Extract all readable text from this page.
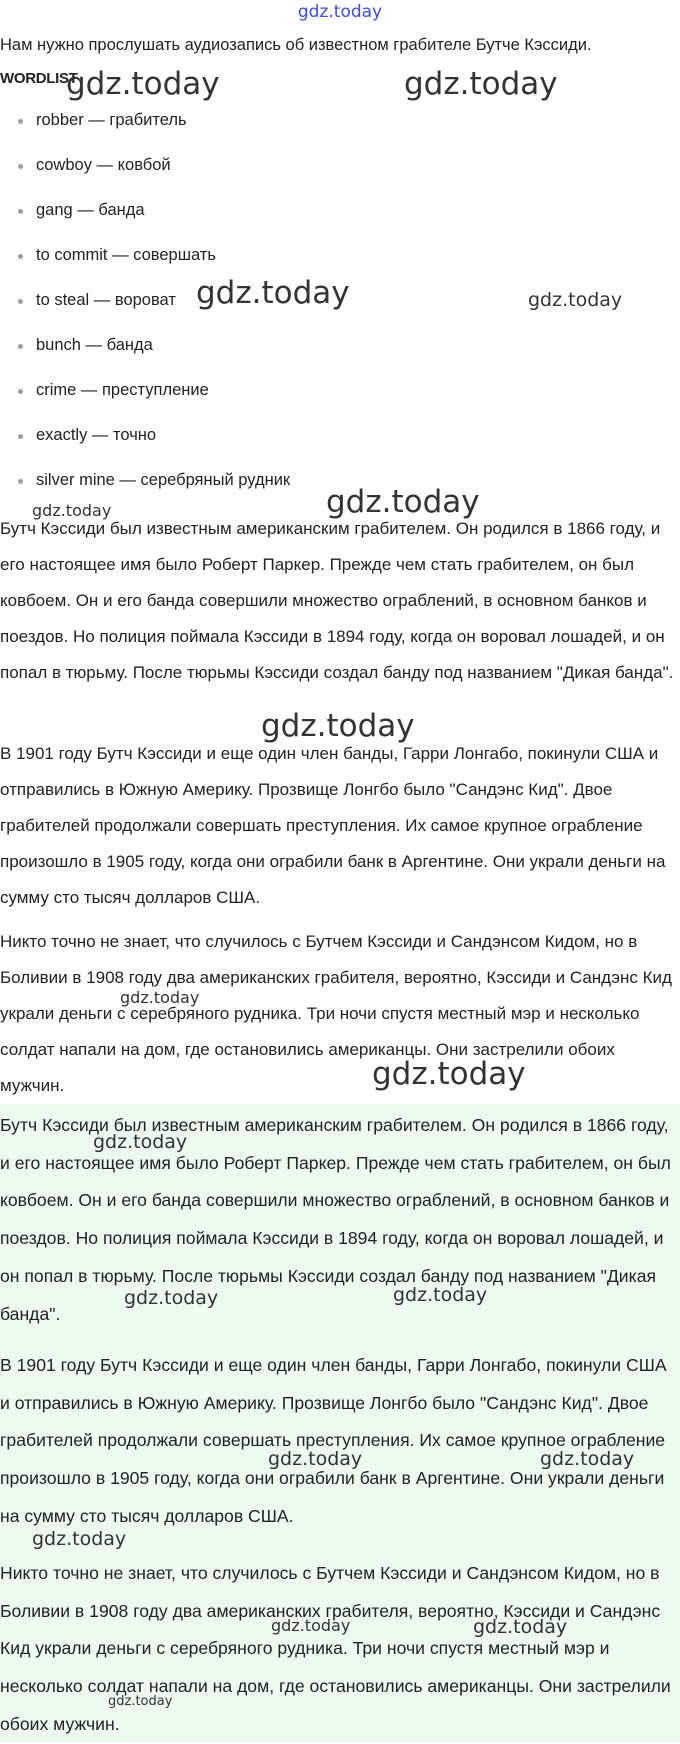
gdz.today
Нам нужно прослушать аудиозапись об известном грабителе Бутче Кэссиди.
WORDLIST
robber — грабитель
cowboy — ковбой
gang — банда
to commit — совершать
to steal — вороват
bunch — банда
crime — преступление
exactly — точно
silver mine — серебряный рудник

Бутч Кэссиди был известным американским грабителем. Он родился в 1866 году, и его настоящее имя было Роберт Паркер. Прежде чем стать грабителем, он был ковбоем. Он и его банда совершили множество ограблений, в основном банков и поездов. Но полиция поймала Кэссиди в 1894 году, когда он воровал лошадей, и он попал в тюрьму. После тюрьмы Кэссиди создал банду под названием "Дикая банда".

В 1901 году Бутч Кэссиди и еще один член банды, Гарри Лонгабо, покинули США и отправились в Южную Америку. Прозвище Лонгбо было "Сандэнс Кид". Двое грабителей продолжали совершать преступления. Их самое крупное ограбление произошло в 1905 году, когда они ограбили банк в Аргентине. Они украли деньги на сумму сто тысяч долларов США.

Никто точно не знает, что случилось с Бутчем Кэссиди и Сандэнсом Кидом, но в Боливии в 1908 году два американских грабителя, вероятно, Кэссиди и Сандэнс Кид украли деньги с серебряного рудника. Три ночи спустя местный мэр и несколько солдат напали на дом, где остановились американцы. Они застрелили обоих мужчин.

Бутч Кэссиди был известным американским грабителем. Он родился в 1866 году, и его настоящее имя было Роберт Паркер. Прежде чем стать грабителем, он был ковбоем. Он и его банда совершили множество ограблений, в основном банков и поездов. Но полиция поймала Кэссиди в 1894 году, когда он воровал лошадей, и он попал в тюрьму. После тюрьмы Кэссиди создал банду под названием "Дикая банда".

В 1901 году Бутч Кэссиди и еще один член банды, Гарри Лонгабо, покинули США и отправились в Южную Америку. Прозвище Лонгбо было "Сандэнс Кид". Двое грабителей продолжали совершать преступления. Их самое крупное ограбление произошло в 1905 году, когда они ограбили банк в Аргентине. Они украли деньги на сумму сто тысяч долларов США.

Никто точно не знает, что случилось с Бутчем Кэссиди и Сандэнсом Кидом, но в Боливии в 1908 году два американских грабителя, вероятно, Кэссиди и Сандэнс Кид украли деньги с серебряного рудника. Три ночи спустя местный мэр и несколько солдат напали на дом, где остановились американцы. Они застрелили обоих мужчин.

gdz.today	gdz.today
gdz.today	gdz.today
gdz.today
gdz.today
gdz.today
gdz.today
gdz.today
gdz.today
gdz.today	gdz.today
gdz.today	gdz.today
gdz.today
gdz.today	gdz.today
gdz.today
